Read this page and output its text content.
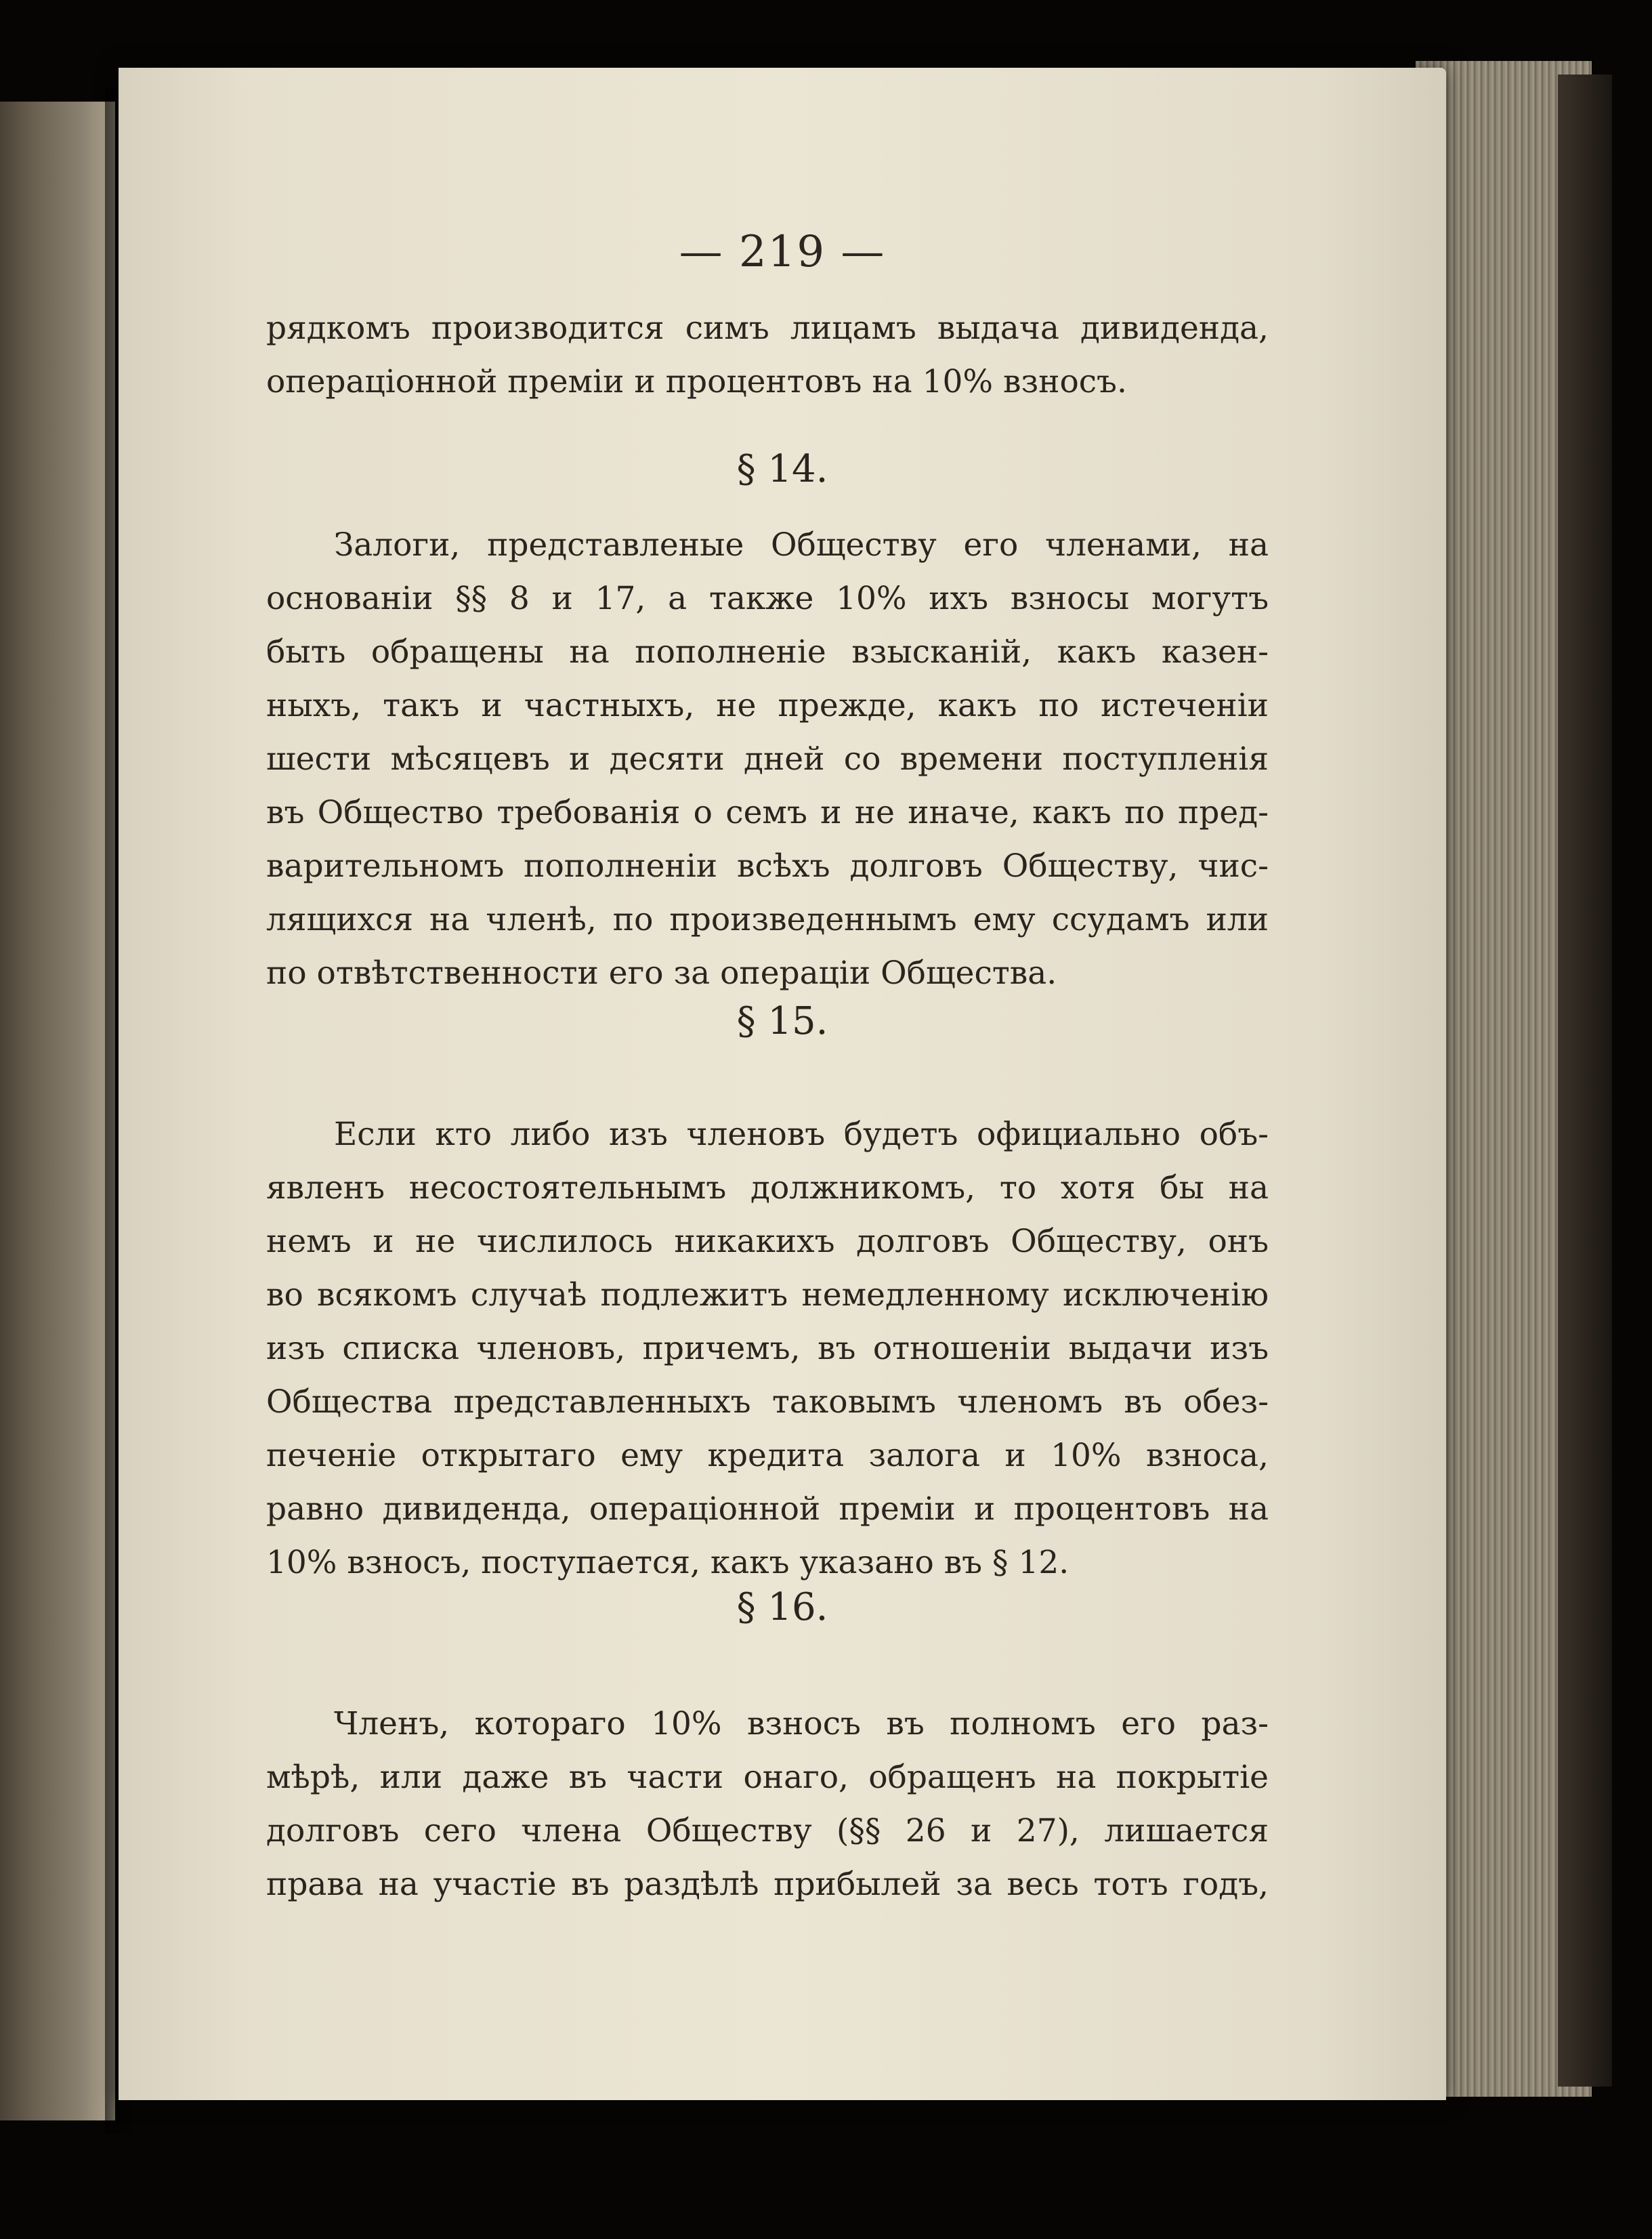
— 219 —
рядкомъ производится симъ лицамъ выдача дивиденда,
операціонной преміи и процентовъ на 10% взносъ.
§ 14.
Залоги, представленые Обществу его членами, на
основаніи §§ 8 и 17, а также 10% ихъ взносы могутъ
быть обращены на пополненіе взысканій, какъ казен-
ныхъ, такъ и частныхъ, не прежде, какъ по истеченіи
шести мѣсяцевъ и десяти дней со времени поступленія
въ Общество требованія о семъ и не иначе, какъ по пред-
варительномъ пополненіи всѣхъ долговъ Обществу, чис-
лящихся на членѣ, по произведеннымъ ему ссудамъ или
по отвѣтственности его за операціи Общества.
§ 15.
Если кто либо изъ членовъ будетъ официально объ-
явленъ несостоятельнымъ должникомъ, то хотя бы на
немъ и не числилось никакихъ долговъ Обществу, онъ
во всякомъ случаѣ подлежитъ немедленному исключенію
изъ списка членовъ, причемъ, въ отношеніи выдачи изъ
Общества представленныхъ таковымъ членомъ въ обез-
печеніе открытаго ему кредита залога и 10% взноса,
равно дивиденда, операціонной преміи и процентовъ на
10% взносъ, поступается, какъ указано въ § 12.
§ 16.
Членъ, котораго 10% взносъ въ полномъ его раз-
мѣрѣ, или даже въ части онаго, обращенъ на покрытіе
долговъ сего члена Обществу (§§ 26 и 27), лишается
права на участіе въ раздѣлѣ прибылей за весь тотъ годъ,
